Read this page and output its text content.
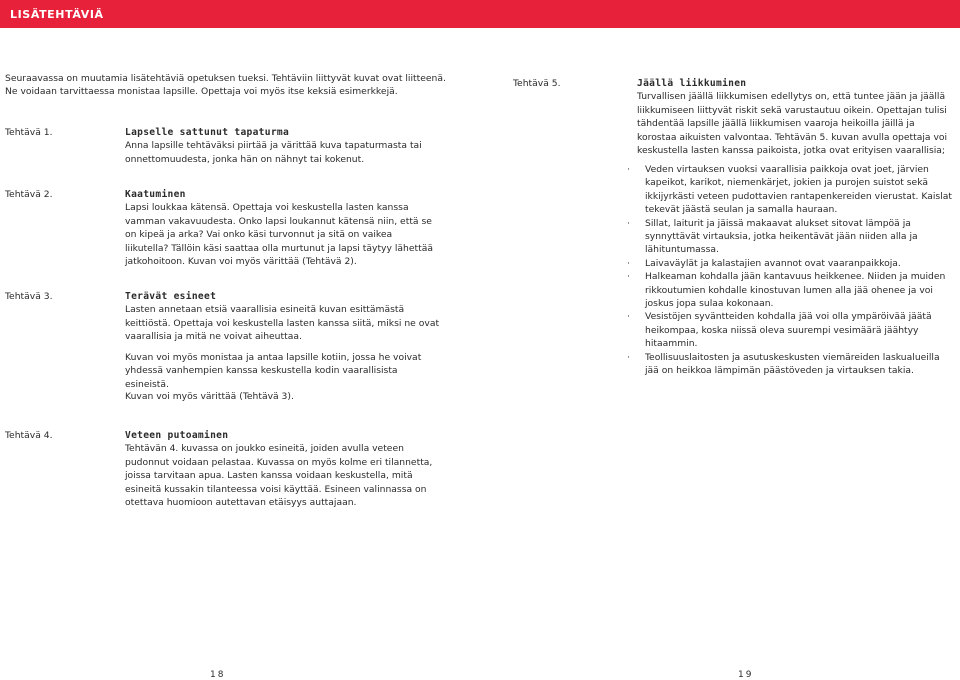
LISÄTEHTÄVIÄ

Seuraavassa on muutamia lisätehtäviä opetuksen tueksi. Tehtäviin liittyvät kuvat ovat liitteenä. Ne voidaan tarvittaessa monistaa lapsille. Opettaja voi myös itse keksiä esimerkkejä.

Tehtävä 1.	Lapselle sattunut tapaturma

Anna lapsille tehtäväksi piirtää ja värittää kuva tapaturmasta tai onnettomuudesta, jonka hän on nähnyt tai kokenut.

Tehtävä 2.	Kaatuminen

Lapsi loukkaa kätensä. Opettaja voi keskustella lasten kanssa vamman vakavuudesta. Onko lapsi loukannut kätensä niin, että se on kipeä ja arka? Vai onko käsi turvonnut ja sitä on vaikea liikutella? Tällöin käsi saattaa olla murtunut ja lapsi täytyy lähettää jatkohoitoon. Kuvan voi myös värittää (Tehtävä 2).

Tehtävä 3.	Terävät esineet

Lasten annetaan etsiä vaarallisia esineitä kuvan esittämästä keittiöstä. Opettaja voi keskustella lasten kanssa siitä, miksi ne ovat vaarallisia ja mitä ne voivat aiheuttaa.

Kuvan voi myös monistaa ja antaa lapsille kotiin, jossa he voivat yhdessä vanhempien kanssa keskustella kodin vaarallisista esineistä.

Kuvan voi myös värittää (Tehtävä 3).

Tehtävä 4.	Veteen putoaminen

Tehtävän 4. kuvassa on joukko esineitä, joiden avulla veteen pudonnut voidaan pelastaa. Kuvassa on myös kolme eri tilannetta, joissa tarvitaan apua. Lasten kanssa voidaan keskustella, mitä esineitä kussakin tilanteessa voisi käyttää. Esineen valinnassa on otettava huomioon autettavan etäisyys auttajaan.

Tehtävä 5.	Jäällä liikkuminen

Turvallisen jäällä liikkumisen edellytys on, että tuntee jään ja jäällä liikkumiseen liittyvät riskit sekä varustautuu oikein. Opettajan tulisi tähdentää lapsille jäällä liikkumisen vaaroja heikoilla jäillä ja korostaa aikuisten valvontaa. Tehtävän 5. kuvan avulla opettaja voi keskustella lasten kanssa paikoista, jotka ovat erityisen vaarallisia;

·	Veden virtauksen vuoksi vaarallisia paikkoja ovat joet, järvien kapeikot, karikot, niemenkärjet, jokien ja purojen suistot sekä ikkijyrkästi veteen pudottavien rantapenkereiden vierustat. Kaislat tekevät jäästä seulan ja samalla hauraan.
·	Sillat, laiturit ja jäissä makaavat alukset sitovat lämpöä ja synnyttävät virtauksia, jotka heikentävät jään niiden alla ja lähituntumassa.
·	Laivaväylät ja kalastajien avannot ovat vaaranpaikkoja.
·	Halkeaman kohdalla jään kantavuus heikkenee. Niiden ja muiden rikkoutumien kohdalle kinostuvan lumen alla jää ohenee ja voi joskus jopa sulaa kokonaan.
·	Vesistöjen syväntteiden kohdalla jää voi olla ympäröivää jäätä heikompaa, koska niissä oleva suurempi vesimäärä jäähtyy hitaammin.
·	Teollisuuslaitosten ja asutuskeskusten viemäreiden laskualueilla jää on heikkoa lämpimän päästöveden ja virtauksen takia.
18	19
